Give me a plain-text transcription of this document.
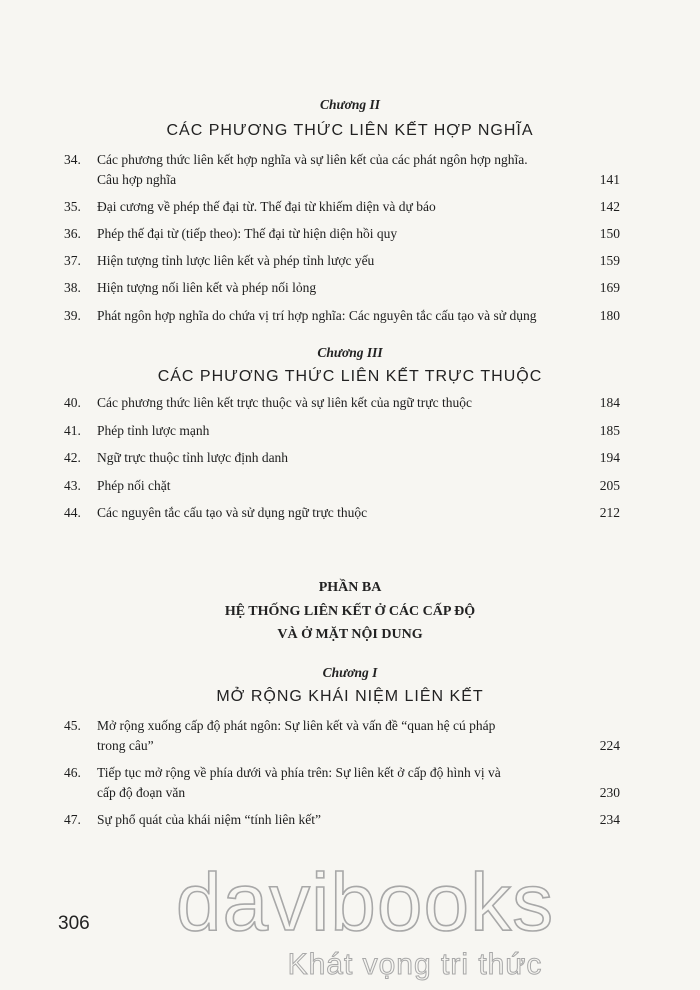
Chương II
CÁC PHƯƠNG THỨC LIÊN KẾT HỢP NGHĨA
34.	Các phương thức liên kết hợp nghĩa và sự liên kết của các phát ngôn hợp nghĩa.
Câu hợp nghĩa	141
35.	Đại cương về phép thế đại từ. Thế đại từ khiếm diện và dự báo	142
36.	Phép thế đại từ (tiếp theo): Thế đại từ hiện diện hồi quy	150
37.	Hiện tượng tỉnh lược liên kết và phép tỉnh lược yếu	159
38.	Hiện tượng nối liên kết và phép nối lỏng	169
39.	Phát ngôn hợp nghĩa do chứa vị trí hợp nghĩa: Các nguyên tắc cấu tạo và sử dụng	180
Chương III
CÁC PHƯƠNG THỨC LIÊN KẾT TRỰC THUỘC
40.	Các phương thức liên kết trực thuộc và sự liên kết của ngữ trực thuộc	184
41.	Phép tỉnh lược mạnh	185
42.	Ngữ trực thuộc tỉnh lược định danh	194
43.	Phép nối chặt	205
44.	Các nguyên tắc cấu tạo và sử dụng ngữ trực thuộc	212
PHẦN BA
HỆ THỐNG LIÊN KẾT Ở CÁC CẤP ĐỘ
VÀ Ở MẶT NỘI DUNG
Chương I
MỞ RỘNG KHÁI NIỆM LIÊN KẾT
45.	Mở rộng xuống cấp độ phát ngôn: Sự liên kết và vấn đề “quan hệ cú pháp
trong câu”	224
46.	Tiếp tục mở rộng về phía dưới và phía trên: Sự liên kết ở cấp độ hình vị và
cấp độ đoạn văn	230
47.	Sự phổ quát của khái niệm “tính liên kết”	234
306	davibooks
Khát vọng tri thức
